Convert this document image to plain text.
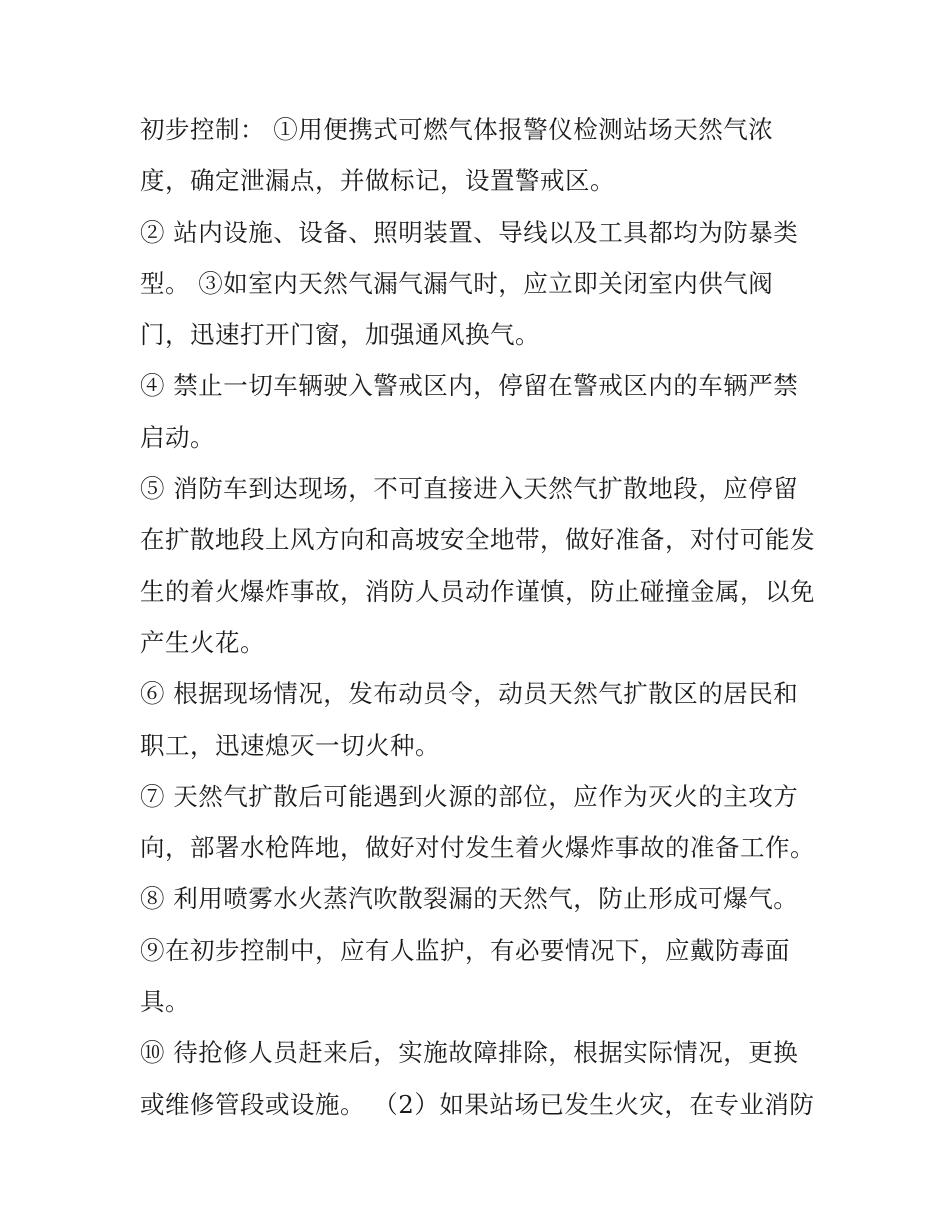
初步控制： ①用便携式可燃气体报警仪检测站场天然气浓
度，确定泄漏点，并做标记，设置警戒区。
② 站内设施、设备、照明装置、导线以及工具都均为防暴类
型。 ③如室内天然气漏气漏气时，应立即关闭室内供气阀
门，迅速打开门窗，加强通风换气。
④ 禁止一切车辆驶入警戒区内，停留在警戒区内的车辆严禁
启动。
⑤ 消防车到达现场，不可直接进入天然气扩散地段，应停留
在扩散地段上风方向和高坡安全地带，做好准备，对付可能发
生的着火爆炸事故，消防人员动作谨慎，防止碰撞金属，以免
产生火花。
⑥ 根据现场情况，发布动员令，动员天然气扩散区的居民和
职工，迅速熄灭一切火种。
⑦ 天然气扩散后可能遇到火源的部位，应作为灭火的主攻方
向，部署水枪阵地，做好对付发生着火爆炸事故的准备工作。
⑧ 利用喷雾水火蒸汽吹散裂漏的天然气，防止形成可爆气。
⑨在初步控制中，应有人监护，有必要情况下，应戴防毒面
具。
⑩ 待抢修人员赶来后，实施故障排除，根据实际情况，更换
或维修管段或设施。 （2）如果站场已发生火灾，在专业消防
